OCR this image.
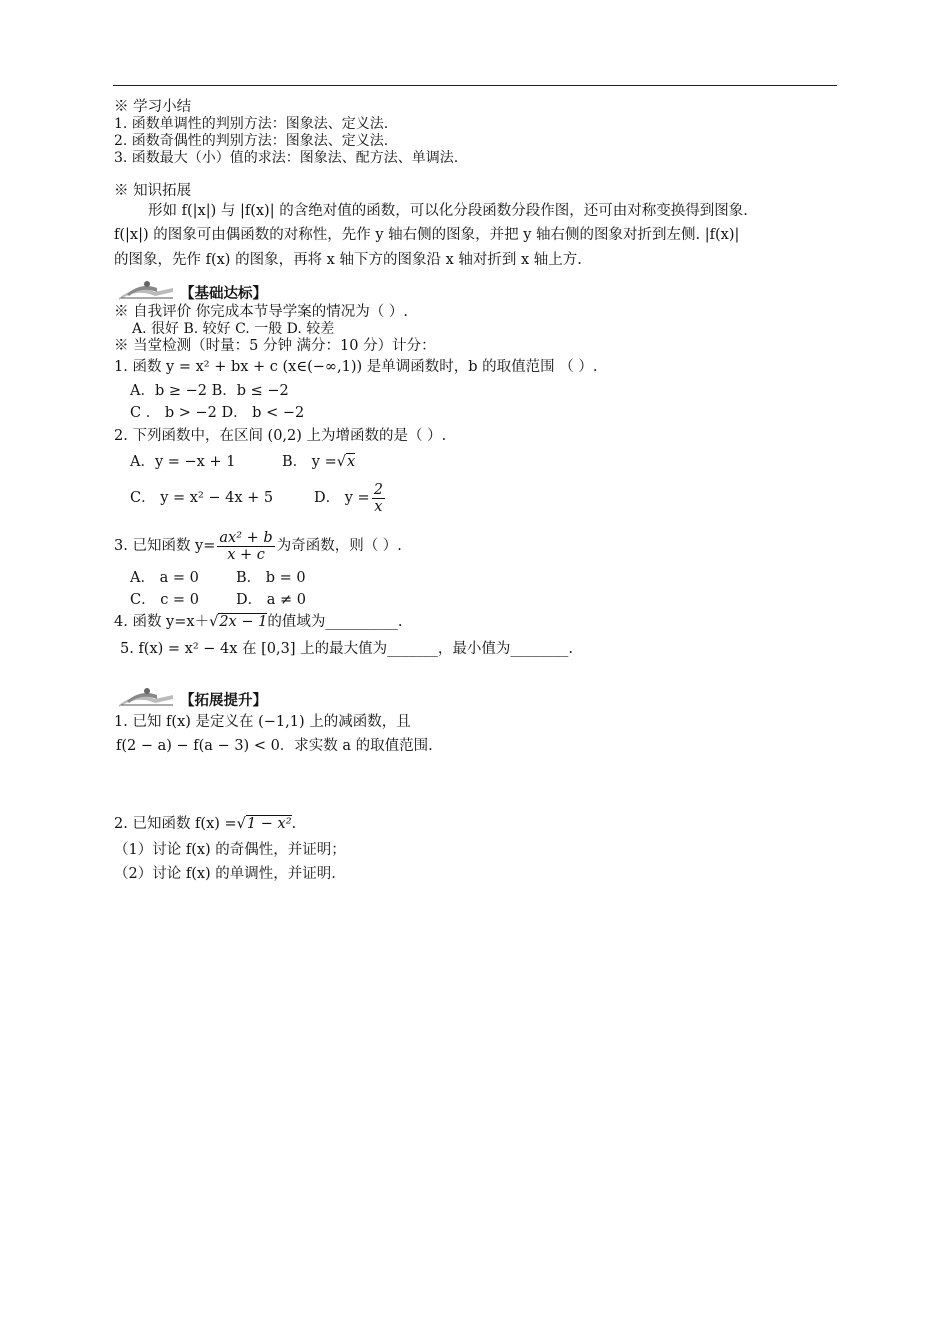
※ 学习小结
1. 函数单调性的判别方法：图象法、定义法.
2. 函数奇偶性的判别方法：图象法、定义法.
3. 函数最大（小）值的求法：图象法、配方法、单调法.
※ 知识拓展
形如 f(|x|) 与 |f(x)| 的含绝对值的函数，可以化分段函数分段作图，还可由对称变换得到图象.
f(|x|) 的图象可由偶函数的对称性，先作 y 轴右侧的图象，并把 y 轴右侧的图象对折到左侧. |f(x)|
的图象，先作 f(x) 的图象，再将 x 轴下方的图象沿 x 轴对折到 x 轴上方.
【基础达标】
※ 自我评价 你完成本节导学案的情况为（ ）.
A. 很好 B. 较好 C. 一般 D. 较差
※ 当堂检测（时量：5 分钟 满分：10 分）计分：
1. 函数 y = x² + bx + c (x∈(−∞,1)) 是单调函数时，b 的取值范围 （ ）.
A．b ≥ −2 B．b ≤ −2
C ． b > −2 D． b < −2
2. 下列函数中，在区间 (0,2) 上为增函数的是（ ）.
A．y = −x + 1	B． y =√x
C． y = x² − 4x + 5	D． $y = \frac{2}{x}$
3. 已知函数 $y= \frac{\text{ax² + b}}{x + c}$ 为奇函数，则（ ）.
A． a = 0	B． b = 0
C． c = 0	D． a ≠ 0
4. 函数 y=x＋√2x − 1的值域为__________.
5. f(x) = x² − 4x 在 [0,3] 上的最大值为_______，最小值为________.
【拓展提升】
1. 已知 f(x) 是定义在 (−1,1) 上的减函数，且
f(2 − a) − f(a − 3) < 0．求实数 a 的取值范围.
2. 已知函数 f(x) =√1 − x².
（1）讨论 f(x) 的奇偶性，并证明；
（2）讨论 f(x) 的单调性，并证明.
